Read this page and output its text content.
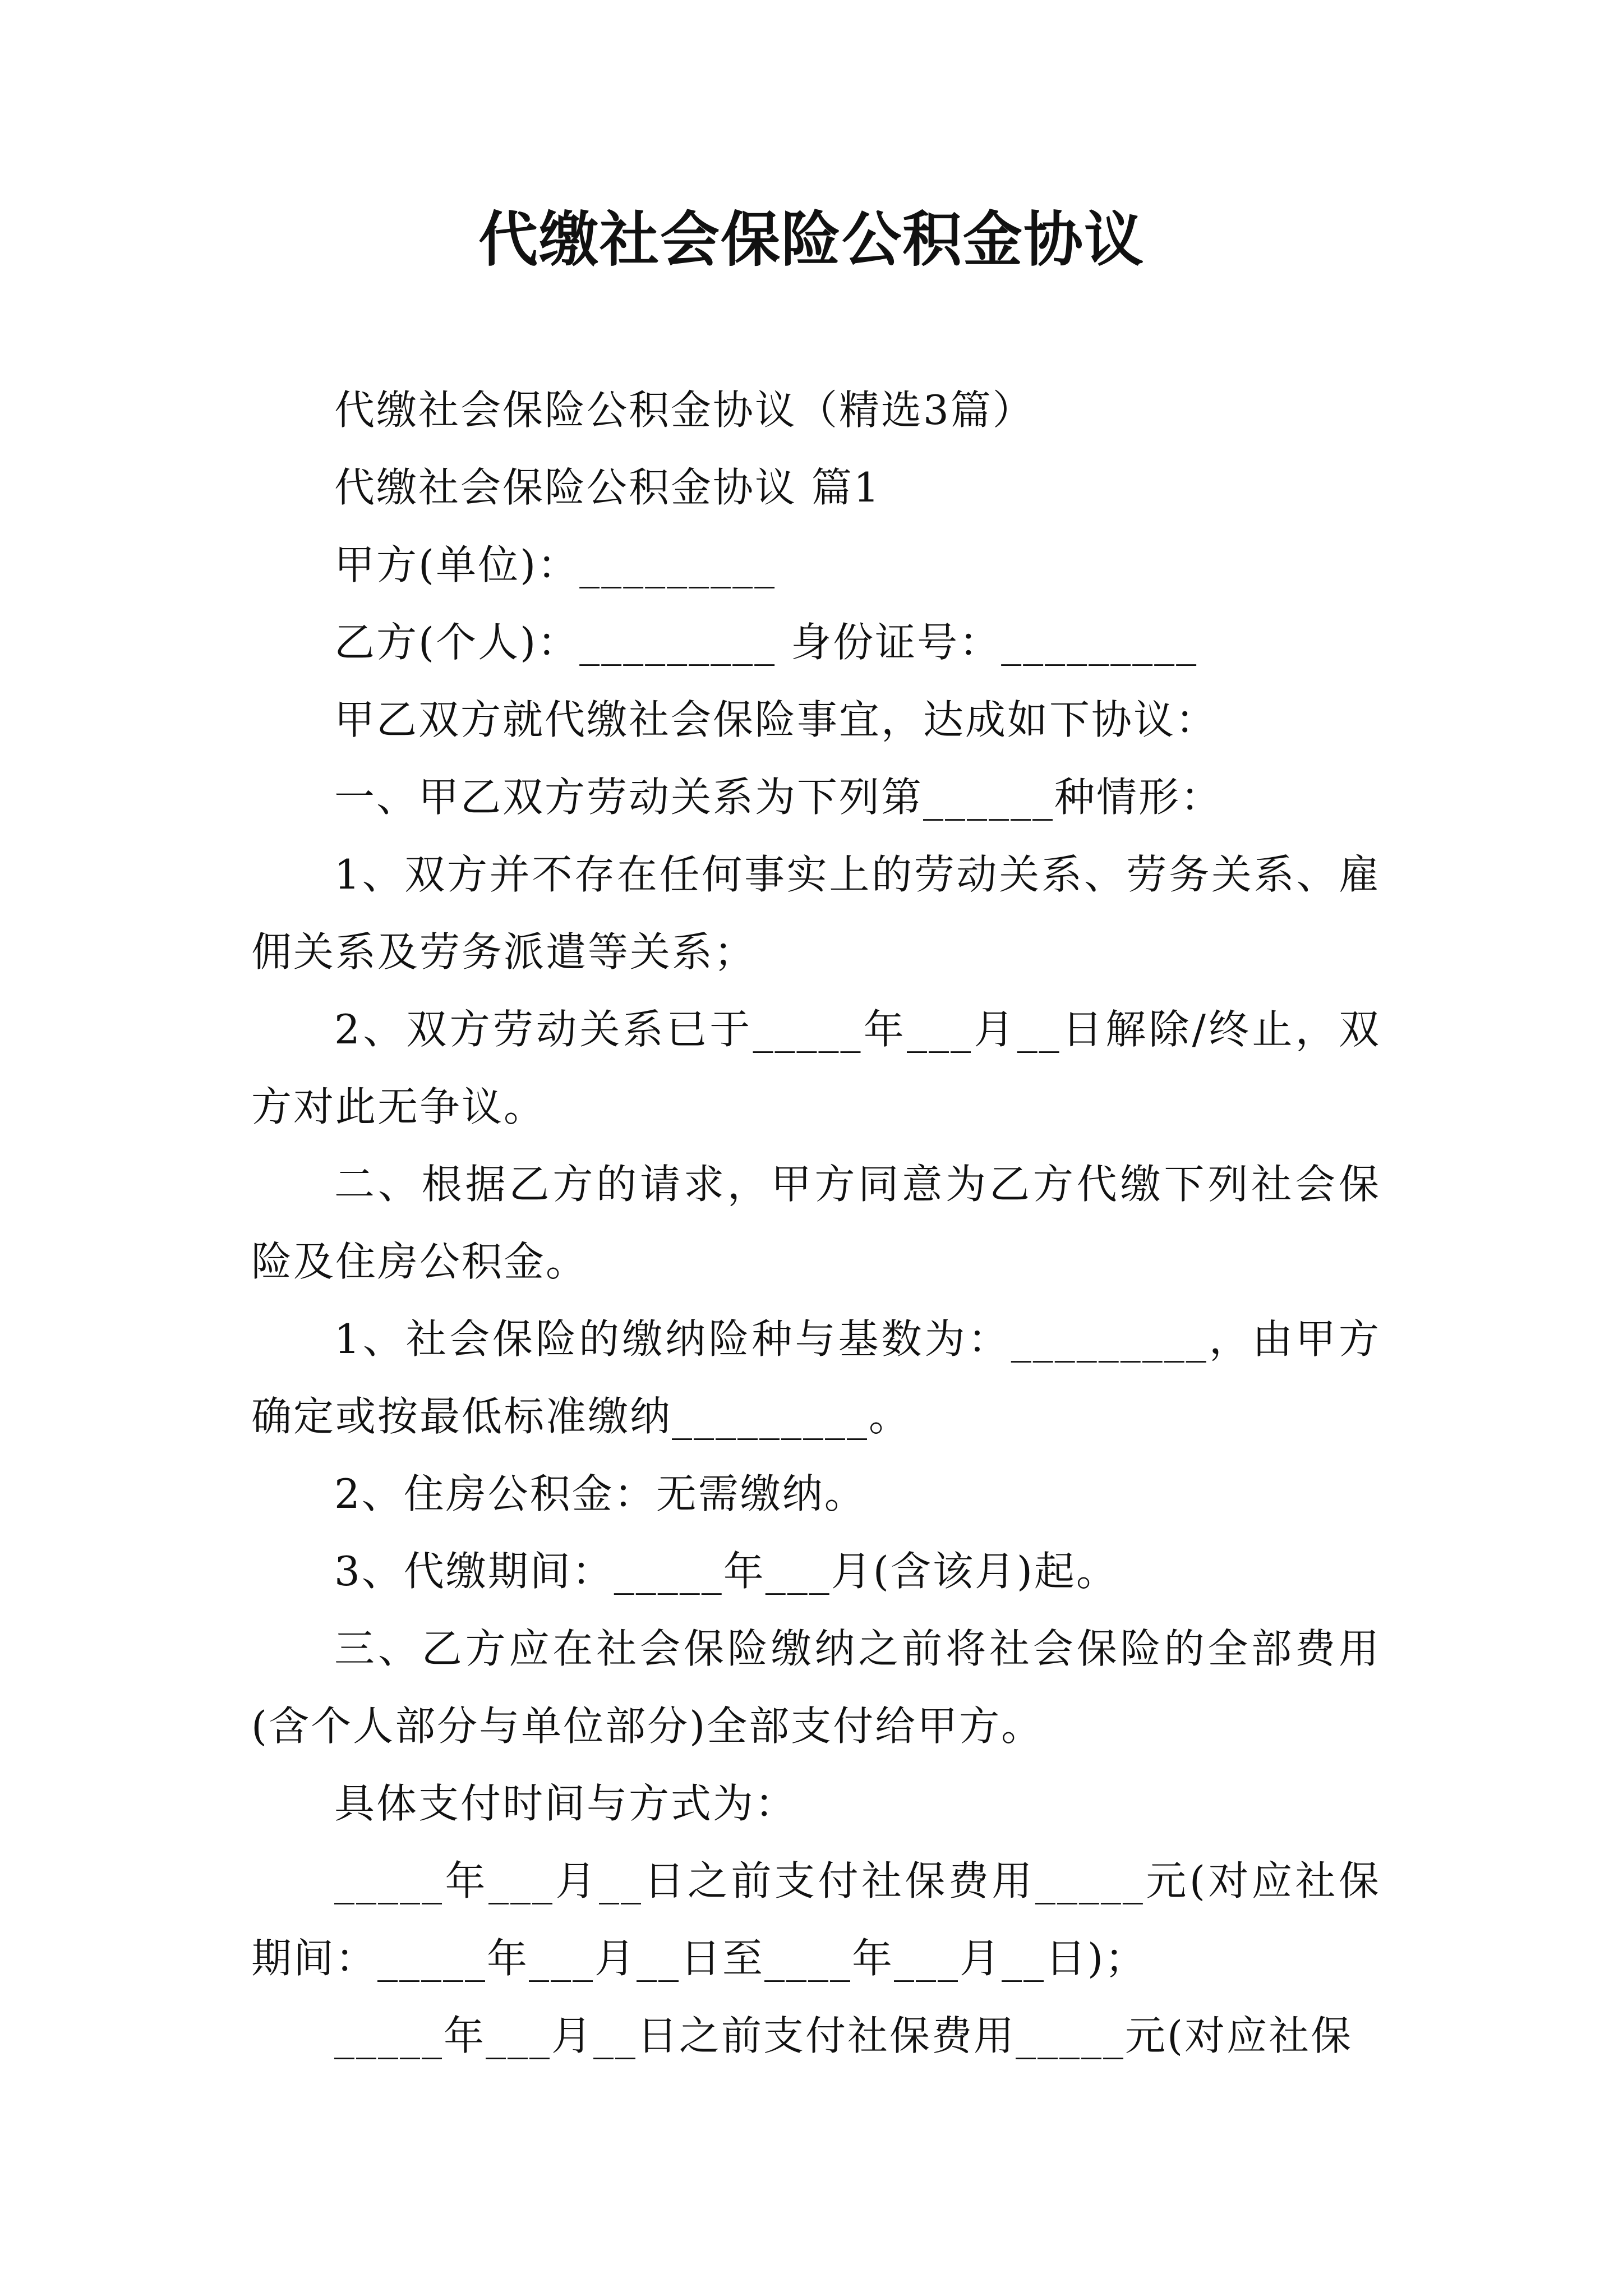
代缴社会保险公积金协议

代缴社会保险公积金协议（精选3篇）

代缴社会保险公积金协议 篇1

甲方(单位)：_________

乙方(个人)：_________ 身份证号：_________

甲乙双方就代缴社会保险事宜，达成如下协议：

一、甲乙双方劳动关系为下列第______种情形：

1、双方并不存在任何事实上的劳动关系、劳务关系、雇佣关系及劳务派遣等关系；

2、双方劳动关系已于_____年___月__日解除/终止，双方对此无争议。

二、根据乙方的请求，甲方同意为乙方代缴下列社会保险及住房公积金。

1、社会保险的缴纳险种与基数为：_________，由甲方确定或按最低标准缴纳_________。

2、住房公积金：无需缴纳。

3、代缴期间：_____年___月(含该月)起。

三、乙方应在社会保险缴纳之前将社会保险的全部费用(含个人部分与单位部分)全部支付给甲方。

具体支付时间与方式为：

_____年___月__日之前支付社保费用_____元(对应社保期间：_____年___月__日至____年___月__日)；

_____年___月__日之前支付社保费用_____元(对应社保
